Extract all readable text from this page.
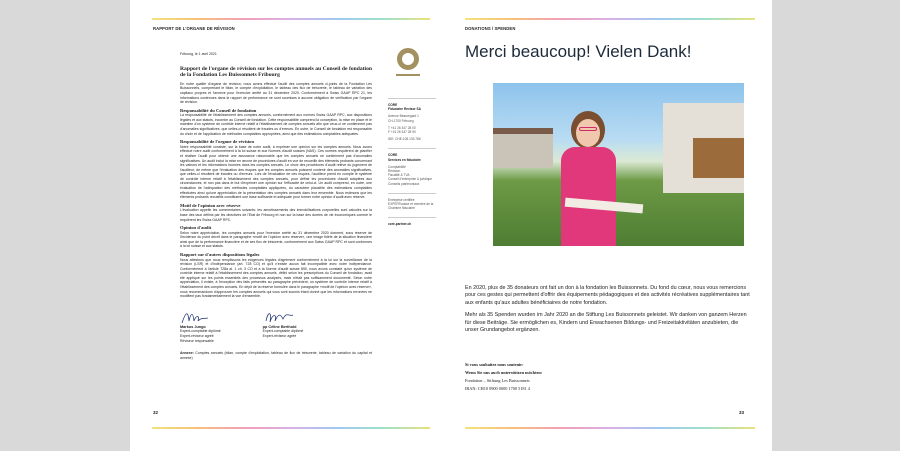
RAPPORT DE L'ORGANE DE RÉVISION

Fribourg, le 1 avril 2021

Rapport de l'organe de révision sur les comptes annuels au Conseil de fondation de la Fondation Les Buissonnets Fribourg

En notre qualité d'organe de révision, nous avons effectué l'audit des comptes annuels ci-joints de la Fondation Les Buissonnets, comprenant le bilan, le compte d'exploitation, le tableau des flux de trésorerie, le tableau de variation des capitaux propres et l'annexe pour l'exercice arrêté au 31 décembre 2020. Conformément à Swiss GAAP RPC 21, les informations contenues dans le rapport de performance ne sont soumises à aucune obligation de vérification par l'organe de révision.

Responsabilité du Conseil de fondation

La responsabilité de l'établissement des comptes annuels, conformément aux normes Swiss GAAP RPC, aux dispositions légales et aux statuts, incombe au Conseil de fondation. Cette responsabilité comprend la conception, la mise en place et le maintien d'un système de contrôle interne relatif à l'établissement de comptes annuels afin que ceux-ci ne contiennent pas d'anomalies significatives, que celles-ci résultent de fraudes ou d'erreurs. En outre, le Conseil de fondation est responsable du choix et de l'application de méthodes comptables appropriées, ainsi que des estimations comptables adéquates.

Responsabilité de l'organe de révision

Notre responsabilité consiste, sur la base de notre audit, à exprimer une opinion sur les comptes annuels. Nous avons effectué notre audit conformément à la loi suisse et aux Normes d'audit suisses (NAS). Ces normes requièrent de planifier et réaliser l'audit pour obtenir une assurance raisonnable que les comptes annuels ne contiennent pas d'anomalies significatives. Un audit inclut la mise en œuvre de procédures d'audit en vue de recueillir des éléments probants concernant les valeurs et les informations fournies dans les comptes annuels. Le choix des procédures d'audit relève du jugement de l'auditeur, de même que l'évaluation des risques que les comptes annuels puissent contenir des anomalies significatives, que celles-ci résultent de fraudes ou d'erreurs. Lors de l'évaluation de ces risques, l'auditeur prend en compte le système de contrôle interne relatif à l'établissement des comptes annuels, pour définir les procédures d'audit adaptées aux circonstances, et non pas dans le but d'exprimer une opinion sur l'efficacité de celui-ci. Un audit comprend, en outre, une évaluation de l'adéquation des méthodes comptables appliquées, du caractère plausible des estimations comptables effectuées ainsi qu'une appréciation de la présentation des comptes annuels dans leur ensemble. Nous estimons que les éléments probants recueillis constituent une base suffisante et adéquate pour former notre opinion d'audit avec réserve.

Motif de l'opinion avec réserve

L'évaluation appelle les commentaires suivants: les amortissements des immobilisations corporelles sont calculés sur la base des taux définis par les directives de l'Etat de Fribourg et non sur la base des durées de vie économiques comme le requièrent les Swiss GAAP RPC.

Opinion d'audit

Selon notre appréciation, les comptes annuels pour l'exercice arrêté au 31 décembre 2020 donnent, sous réserve de l'incidence du point décrit dans le paragraphe «motif de l'opinion avec réserve», une image fidèle de la situation financière ainsi que de la performance financière et de ses flux de trésorerie, conformément aux Swiss GAAP RPC et sont conformes à la loi suisse et aux statuts.

Rapport sur d'autres dispositions légales

Nous attestons que nous remplissons les exigences légales d'agrément conformément à la loi sur la surveillance de la révision (LSR) et d'indépendance (art. 728 CO) et qu'il n'existe aucun fait incompatible avec notre indépendance. Conformément à l'article 728a al. 1 ch. 3 CO et à la Norme d'audit suisse 890, nous avons constaté qu'un système de contrôle interne relatif à l'établissement des comptes annuels, défini selon les prescriptions du Conseil de fondation, avait été appliqué sur les points essentiels des processus analysés, mais n'était pas suffisamment documenté. Selon notre appréciation, il existe, à l'exception des faits présentés au paragraphe précédent, un système de contrôle interne relatif à l'établissement des comptes annuels. En dépit de la réserve formulée dans le paragraphe «motif de l'opinion avec réserve», nous recommandons d'approuver les comptes annuels qui vous sont soumis étant donné que les informations erronées ne modifient pas fondamentalement la vue d'ensemble.

Markus Jungo
Expert-comptable diplômé
Expert-réviseur agréé
Réviseur responsable
pp Céline Berthold
Expert-comptable diplômé
Expert-réviseur agréé

Annexe: Comptes annuels (bilan, compte d'exploitation, tableau de flux de trésorerie, tableau de variation du capital et annexe)

CORE
Fiduciaire Revisor SA

Avenue Beauregard 1
CH-1700 Fribourg

T +41 26 347 28 00
F +41 26 347 28 90

IDE: CHE-105.133.786

CORE
Services en fiduciaire

Comptabilité
Révision
Fiscalité & TVA
Conseil d'entreprise & juridique
Conseils patrimoniaux

Entreprise certifiée EXPERTsuisse et membre de la Chambre fiduciaire

core-partner.ch
32
DONATIONS / SPENDEN
Merci beaucoup! Vielen Dank!

En 2020, plus de 35 donateurs ont fait un don à la fondation les Buissonnets. Du fond du cœur, nous vous remercions pour ces gestes qui permettent d'offrir des équipements pédagogiques et des activités récréatives supplémentaires tant aux enfants qu'aux adultes bénéficiaires de notre fondation.

Mehr als 35 Spenden wurden im Jahr 2020 an die Stiftung Les Buissonnets geleistet. Wir danken von ganzem Herzen für diese Beiträge. Sie ermöglichen es, Kindern und Erwachsenen Bildungs- und Freizeitaktivitäten anzubieten, die unser Grundangebot ergänzen.

Si vous souhaitez nous soutenir:
Wenn Sie uns auch unterstützen möchten:
Fondation – Stiftung Les Buissonnets
IBAN: CH10 0900 0000 1700 5181 4
33
